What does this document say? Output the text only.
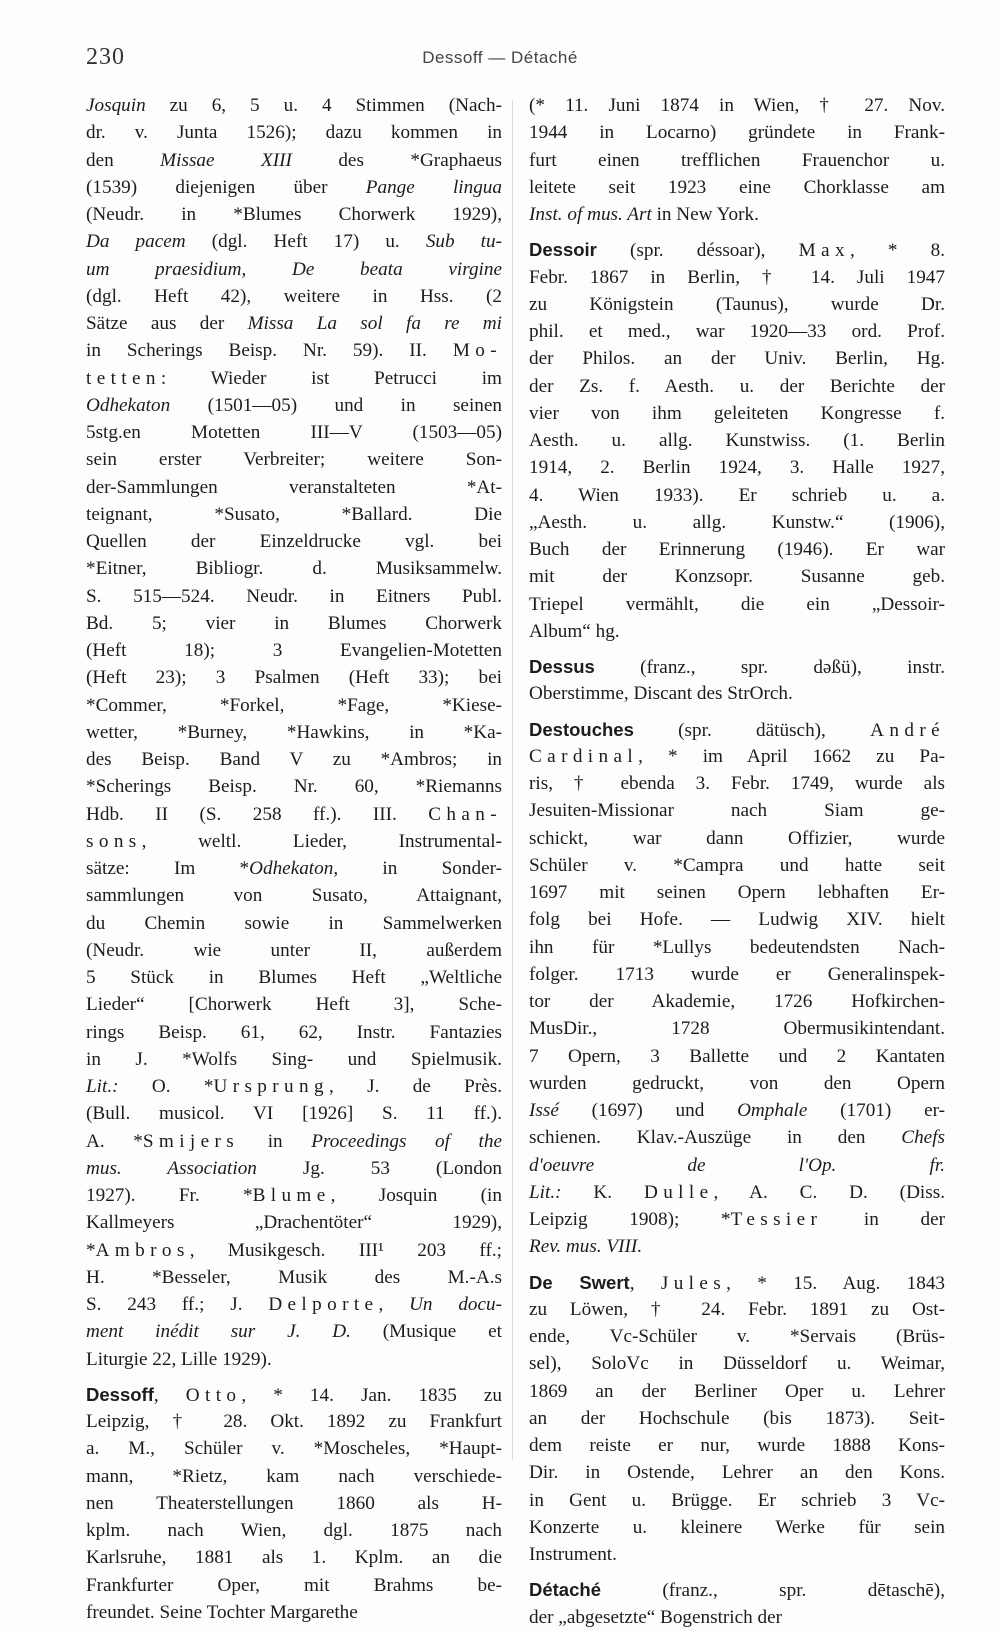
230	Dessoff — Détaché
Josquin zu 6, 5 u. 4 Stimmen (Nach-
dr. v. Junta 1526); dazu kommen in
den Missae XIII des *Graphaeus
(1539) diejenigen über Pange lingua
(Neudr. in *Blumes Chorwerk 1929),
Da pacem (dgl. Heft 17) u. Sub tu-
um praesidium, De beata virgine
(dgl. Heft 42), weitere in Hss. (2
Sätze aus der Missa La sol fa re mi
in Scherings Beisp. Nr. 59). II. Mo-
tetten: Wieder ist Petrucci im
Odhekaton (1501—05) und in seinen
5stg.en Motetten III—V (1503—05)
sein erster Verbreiter; weitere Son-
der-Sammlungen veranstalteten *At-
teignant, *Susato, *Ballard. Die
Quellen der Einzeldrucke vgl. bei
*Eitner, Bibliogr. d. Musiksammelw.
S. 515—524. Neudr. in Eitners Publ.
Bd. 5; vier in Blumes Chorwerk
(Heft 18); 3 Evangelien-Motetten
(Heft 23); 3 Psalmen (Heft 33); bei
*Commer, *Forkel, *Fage, *Kiese-
wetter, *Burney, *Hawkins, in *Ka-
des Beisp. Band V zu *Ambros; in
*Scherings Beisp. Nr. 60, *Riemanns
Hdb. II (S. 258 ff.). III. Chan-
sons, weltl. Lieder, Instrumental-
sätze: Im *Odhekaton, in Sonder-
sammlungen von Susato, Attaignant,
du Chemin sowie in Sammelwerken
(Neudr. wie unter II, außerdem
5 Stück in Blumes Heft „Weltliche
Lieder“ [Chorwerk Heft 3], Sche-
rings Beisp. 61, 62, Instr. Fantazies
in J. *Wolfs Sing- und Spielmusik.
Lit.: O. *Ursprung, J. de Près.
(Bull. musicol. VI [1926] S. 11 ff.).
A. *Smijers in Proceedings of the
mus. Association Jg. 53 (London
1927). Fr. *Blume, Josquin (in
Kallmeyers „Drachentöter“ 1929),
*Ambros, Musikgesch. III¹ 203 ff.;
H. *Besseler, Musik des M.-A.s
S. 243 ff.; J. Delporte, Un docu-
ment inédit sur J. D. (Musique et
Liturgie 22, Lille 1929).
Dessoff, Otto, * 14. Jan. 1835 zu
Leipzig, † 28. Okt. 1892 zu Frankfurt
a. M., Schüler v. *Moscheles, *Haupt-
mann, *Rietz, kam nach verschiede-
nen Theaterstellungen 1860 als H-
kplm. nach Wien, dgl. 1875 nach
Karlsruhe, 1881 als 1. Kplm. an die
Frankfurter Oper, mit Brahms be-
freundet. Seine Tochter Margarethe
(* 11. Juni 1874 in Wien, † 27. Nov.
1944 in Locarno) gründete in Frank-
furt einen trefflichen Frauenchor u.
leitete seit 1923 eine Chorklasse am
Inst. of mus. Art in New York.
Dessoir (spr. déssoar), Max, * 8.
Febr. 1867 in Berlin, † 14. Juli 1947
zu Königstein (Taunus), wurde Dr.
phil. et med., war 1920—33 ord. Prof.
der Philos. an der Univ. Berlin, Hg.
der Zs. f. Aesth. u. der Berichte der
vier von ihm geleiteten Kongresse f.
Aesth. u. allg. Kunstwiss. (1. Berlin
1914, 2. Berlin 1924, 3. Halle 1927,
4. Wien 1933). Er schrieb u. a.
„Aesth. u. allg. Kunstw.“ (1906),
Buch der Erinnerung (1946). Er war
mit der Konzsopr. Susanne geb.
Triepel vermählt, die ein „Dessoir-
Album“ hg.
Dessus (franz., spr. dəßü), instr.
Oberstimme, Discant des StrOrch.
Destouches (spr. dätüsch), André
Cardinal, * im April 1662 zu Pa-
ris, † ebenda 3. Febr. 1749, wurde als
Jesuiten-Missionar nach Siam ge-
schickt, war dann Offizier, wurde
Schüler v. *Campra und hatte seit
1697 mit seinen Opern lebhaften Er-
folg bei Hofe. — Ludwig XIV. hielt
ihn für *Lullys bedeutendsten Nach-
folger. 1713 wurde er Generalinspek-
tor der Akademie, 1726 Hofkirchen-
MusDir., 1728 Obermusikintendant.
7 Opern, 3 Ballette und 2 Kantaten
wurden gedruckt, von den Opern
Issé (1697) und Omphale (1701) er-
schienen. Klav.-Auszüge in den Chefs
d'oeuvre de l'Op. fr.
Lit.: K. Dulle, A. C. D. (Diss.
Leipzig 1908); *Tessier in der
Rev. mus. VIII.
De Swert, Jules, * 15. Aug. 1843
zu Löwen, † 24. Febr. 1891 zu Ost-
ende, Vc-Schüler v. *Servais (Brüs-
sel), SoloVc in Düsseldorf u. Weimar,
1869 an der Berliner Oper u. Lehrer
an der Hochschule (bis 1873). Seit-
dem reiste er nur, wurde 1888 Kons-
Dir. in Ostende, Lehrer an den Kons.
in Gent u. Brügge. Er schrieb 3 Vc-
Konzerte u. kleinere Werke für sein
Instrument.
Détaché (franz., spr. dētaschē),
der „abgesetzte“ Bogenstrich der
